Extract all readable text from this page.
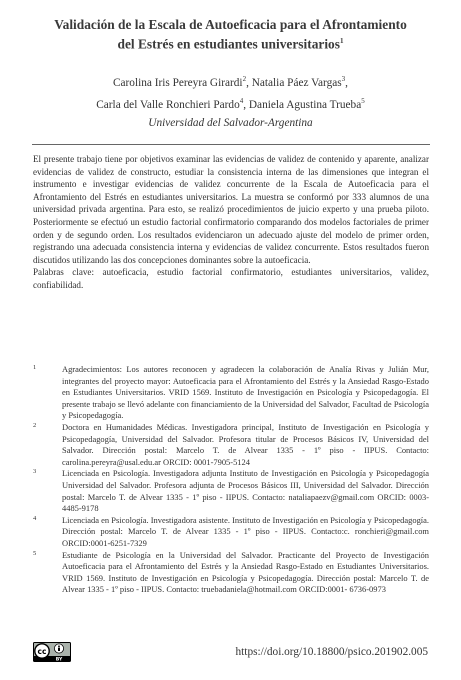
Validación de la Escala de Autoeficacia para el Afrontamiento
del Estrés en estudiantes universitarios$^1$
Carolina Iris Pereyra Girardi$^2$, Natalia Páez Vargas$^3$,
Carla del Valle Ronchieri Pardo$^4$, Daniela Agustina Trueba$^5$
Universidad del Salvador-Argentina

El presente trabajo tiene por objetivos examinar las evidencias de validez de contenido y aparente, analizar evidencias de validez de constructo, estudiar la consistencia interna de las dimensiones que integran el instrumento e investigar evidencias de validez concurrente de la Escala de Autoeficacia para el Afrontamiento del Estrés en estudiantes universitarios. La muestra se conformó por 333 alumnos de una universidad privada argentina. Para esto, se realizó procedimientos de juicio experto y una prueba piloto. Posteriormente se efectuó un estudio factorial confirmatorio comparando dos modelos factoriales de primer orden y de segundo orden. Los resultados evidenciaron un adecuado ajuste del modelo de primer orden, registrando una adecuada consistencia interna y evidencias de validez concurrente. Estos resultados fueron discutidos utilizando las dos concepciones dominantes sobre la autoeficacia.

Palabras clave: autoeficacia, estudio factorial confirmatorio, estudiantes universitarios, validez, confiabilidad.

1	Agradecimientos: Los autores reconocen y agradecen la colaboración de Analía Rivas y Julián Mur, integrantes del proyecto mayor: Autoeficacia para el Afrontamiento del Estrés y la Ansiedad Rasgo-Estado en Estudiantes Universitarios. VRID 1569. Instituto de Investigación en Psicología y Psicopedagogía. El presente trabajo se llevó adelante con financiamiento de la Universidad del Salvador, Facultad de Psicología y Psicopedagogía.
2	Doctora en Humanidades Médicas. Investigadora principal, Instituto de Investigación en Psicología y Psicopedagogía, Universidad del Salvador. Profesora titular de Procesos Básicos IV, Universidad del Salvador. Dirección postal: Marcelo T. de Alvear 1335 - 1º piso - IIPUS. Contacto: carolina.pereyra@usal.edu.ar ORCID: 0001-7905-5124
3	Licenciada en Psicología. Investigadora adjunta Instituto de Investigación en Psicología y Psicopedagogía Universidad del Salvador. Profesora adjunta de Procesos Básicos III, Universidad del Salvador. Dirección postal: Marcelo T. de Alvear 1335 - 1º piso - IIPUS. Contacto: nataliapaezv@gmail.com ORCID: 0003-4485-9178
4	Licenciada en Psicología. Investigadora asistente. Instituto de Investigación en Psicología y Psicopedagogía. Dirección postal: Marcelo T. de Alvear 1335 - 1º piso - IIPUS. Contacto:c. ronchieri@gmail.com ORCID:0001-6251-7329
5	Estudiante de Psicología en la Universidad del Salvador. Practicante del Proyecto de Investigación Autoeficacia para el Afrontamiento del Estrés y la Ansiedad Rasgo-Estado en Estudiantes Universitarios. VRID 1569. Instituto de Investigación en Psicología y Psicopedagogía. Dirección postal: Marcelo T. de Alvear 1335 - 1º piso - IIPUS. Contacto: truebadaniela@hotmail.com ORCID:0001- 6736-0973
cc
BY
https://doi.org/10.18800/psico.201902.005
